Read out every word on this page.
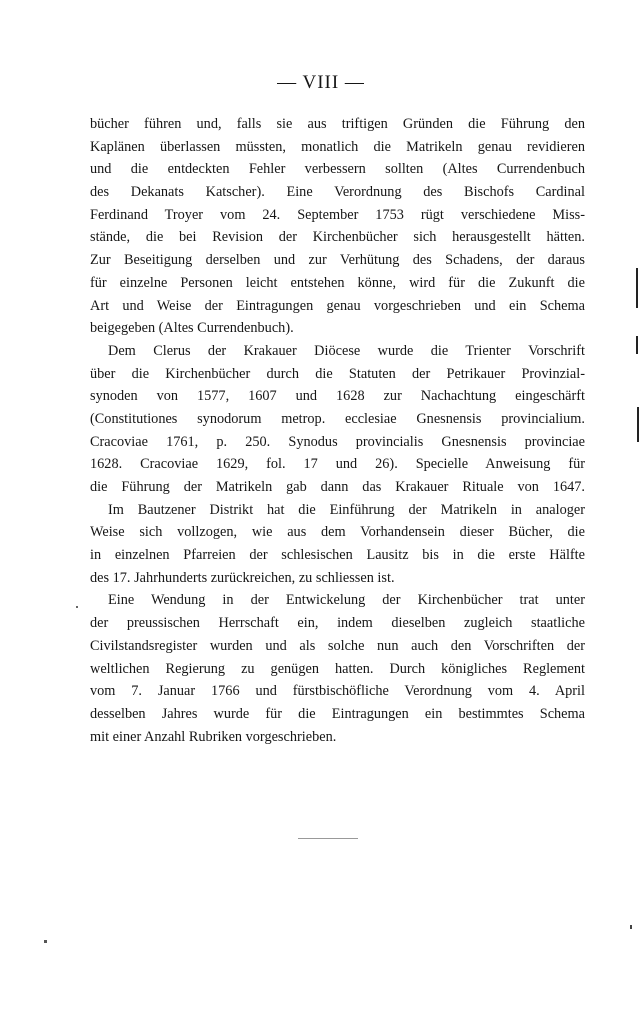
— VIII —
bücher führen und, falls sie aus triftigen Gründen die Führung den
Kaplänen überlassen müssten, monatlich die Matrikeln genau revidieren
und die entdeckten Fehler verbessern sollten (Altes Currendenbuch
des Dekanats Katscher). Eine Verordnung des Bischofs Cardinal
Ferdinand Troyer vom 24. September 1753 rügt verschiedene Miss-
stände, die bei Revision der Kirchenbücher sich herausgestellt hätten.
Zur Beseitigung derselben und zur Verhütung des Schadens, der daraus
für einzelne Personen leicht entstehen könne, wird für die Zukunft die
Art und Weise der Eintragungen genau vorgeschrieben und ein Schema
beigegeben (Altes Currendenbuch).
Dem Clerus der Krakauer Diöcese wurde die Trienter Vorschrift
über die Kirchenbücher durch die Statuten der Petrikauer Provinzial-
synoden von 1577, 1607 und 1628 zur Nachachtung eingeschärft
(Constitutiones synodorum metrop. ecclesiae Gnesnensis provincialium.
Cracoviae 1761, p. 250. Synodus provincialis Gnesnensis provinciae
1628. Cracoviae 1629, fol. 17 und 26). Specielle Anweisung für
die Führung der Matrikeln gab dann das Krakauer Rituale von 1647.
Im Bautzener Distrikt hat die Einführung der Matrikeln in analoger
Weise sich vollzogen, wie aus dem Vorhandensein dieser Bücher, die
in einzelnen Pfarreien der schlesischen Lausitz bis in die erste Hälfte
des 17. Jahrhunderts zurückreichen, zu schliessen ist.
Eine Wendung in der Entwickelung der Kirchenbücher trat unter
der preussischen Herrschaft ein, indem dieselben zugleich staatliche
Civilstandsregister wurden und als solche nun auch den Vorschriften der
weltlichen Regierung zu genügen hatten. Durch königliches Reglement
vom 7. Januar 1766 und fürstbischöfliche Verordnung vom 4. April
desselben Jahres wurde für die Eintragungen ein bestimmtes Schema
mit einer Anzahl Rubriken vorgeschrieben.
